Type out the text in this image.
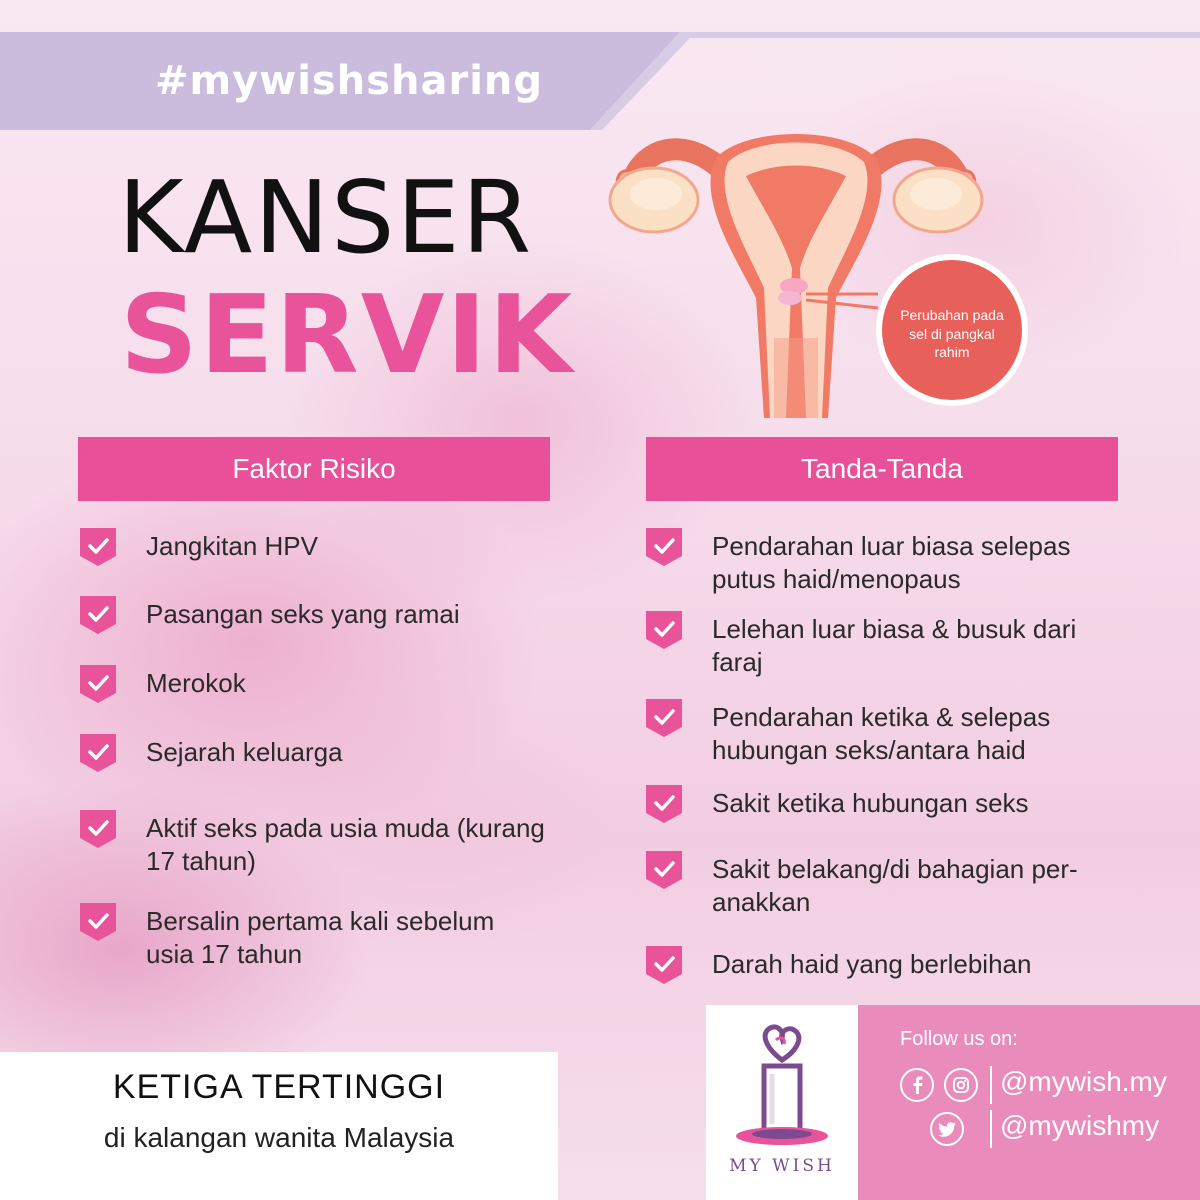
#mywishsharing
KANSER
SERVIK	Perubahan pada
sel di pangkal
rahim
Faktor Risiko
Jangkitan HPV
Pasangan seks yang ramai
Merokok
Sejarah keluarga
Aktif seks pada usia muda (kurang
17 tahun)
Bersalin pertama kali sebelum
usia 17 tahun
Tanda-Tanda
Pendarahan luar biasa selepas
putus haid/menopaus
Lelehan luar biasa & busuk dari
faraj
Pendarahan ketika & selepas
hubungan seks/antara haid
Sakit ketika hubungan seks
Sakit belakang/di bahagian per-
anakkan
Darah haid yang berlebihan
KETIGA TERTINGGI
di kalangan wanita Malaysia
MY WISH
Follow us on:
@mywish.my
@mywishmy
